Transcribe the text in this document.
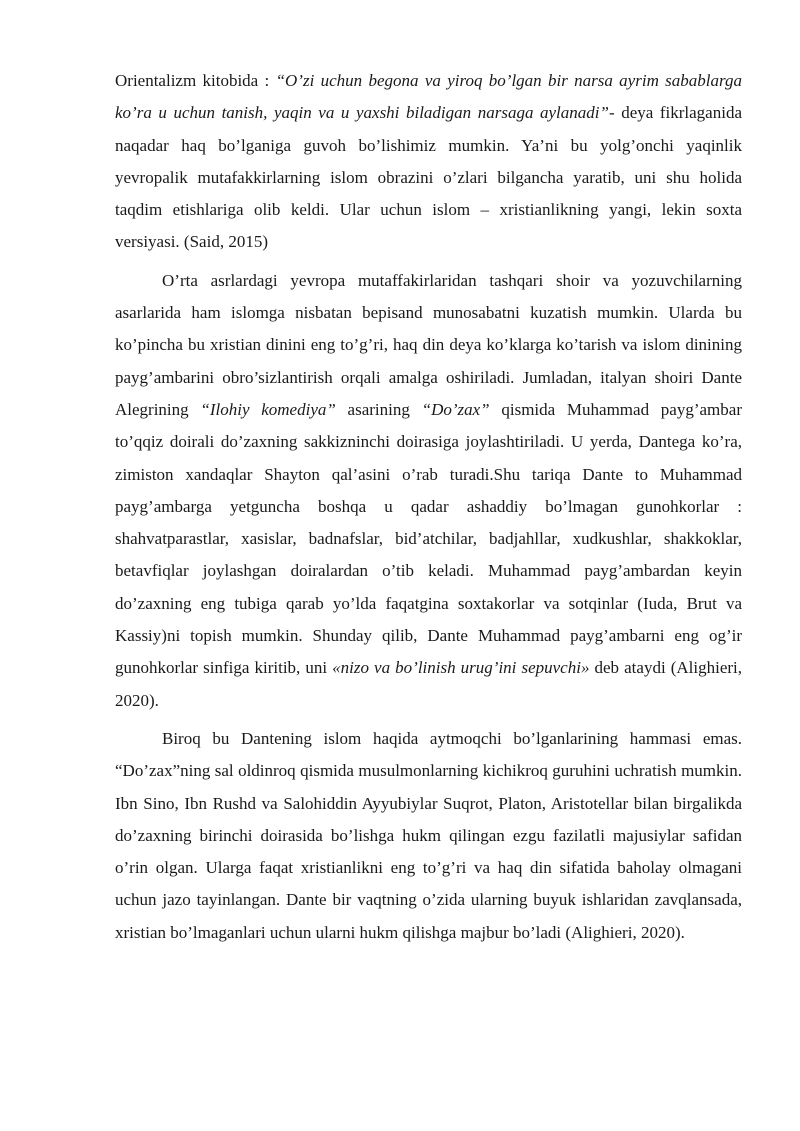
Orientalizm kitobida : “O’zi uchun begona va yiroq bo’lgan bir narsa ayrim sabablarga ko’ra u uchun tanish, yaqin va u yaxshi biladigan narsaga aylanadi”- deya fikrlaganida naqadar haq bo’lganiga guvoh bo’lishimiz mumkin. Ya’ni bu yolg’onchi yaqinlik yevropalik mutafakkirlarning islom obrazini o’zlari bilgancha yaratib, uni shu holida taqdim etishlariga olib keldi. Ular uchun islom – xristianlikning yangi, lekin soxta versiyasi. (Said, 2015)

O’rta asrlardagi yevropa mutaffakirlaridan tashqari shoir va yozuvchilarning asarlarida ham islomga nisbatan bepisand munosabatni kuzatish mumkin. Ularda bu ko’pincha bu xristian dinini eng to’g’ri, haq din deya ko’klarga ko’tarish va islom dinining payg’ambarini obro’sizlantirish orqali amalga oshiriladi. Jumladan, italyan shoiri Dante Alegrining “Ilohiy komediya” asarining “Do’zax” qismida Muhammad payg’ambar to’qqiz doirali do’zaxning sakkizninchi doirasiga joylashtiriladi. U yerda, Dantega ko’ra, zimiston xandaqlar Shayton qal’asini o’rab turadi.Shu tariqa Dante to Muhammad payg’ambarga yetguncha boshqa u qadar ashaddiy bo’lmagan gunohkorlar : shahvatparastlar, xasislar, badnafslar, bid’atchilar, badjahllar, xudkushlar, shakkoklar, betavfiqlar joylashgan doiralardan o’tib keladi. Muhammad payg’ambardan keyin do’zaxning eng tubiga qarab yo’lda faqatgina soxtakorlar va sotqinlar (Iuda, Brut va Kassiy)ni topish mumkin. Shunday qilib, Dante Muhammad payg’ambarni eng og’ir gunohkorlar sinfiga kiritib, uni «nizo va bo’linish urug’ini sepuvchi» deb ataydi (Alighieri, 2020).

Biroq bu Dantening islom haqida aytmoqchi bo’lganlarining hammasi emas. “Do’zax”ning sal oldinroq qismida musulmonlarning kichikroq guruhini uchratish mumkin. Ibn Sino, Ibn Rushd va Salohiddin Ayyubiylar Suqrot, Platon, Aristotellar bilan birgalikda do’zaxning birinchi doirasida bo’lishga hukm qilingan ezgu fazilatli majusiylar safidan o’rin olgan. Ularga faqat xristianlikni eng to’g’ri va haq din sifatida baholay olmagani uchun jazo tayinlangan. Dante bir vaqtning o’zida ularning buyuk ishlaridan zavqlansada, xristian bo’lmaganlari uchun ularni hukm qilishga majbur bo’ladi (Alighieri, 2020).
